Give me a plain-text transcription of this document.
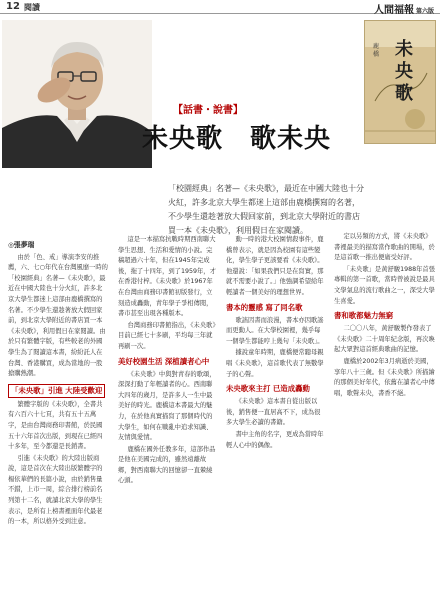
12 閱讀	人間福報 第六版
未央歌
鹿橋
【話書・說書】
未央歌　歌未央
「校園經典」名著—《未央歌》，最近在中國大陸也十分火紅，許多北京大學生都迷上這部由鹿橋撰寫的名著，不少學生還趁著放大假回家前，到北京大學附近的書店買一本《未央歌》，利用假日在家閱讀。
◎張夢瑞

由於「色、戒」導演李安的推薦，六、七○年代在台灣風靡一時的「校園經典」名著—《未央歌》，最近在中國大陸也十分火紅，許多北京大學生都迷上這部由鹿橋撰寫的名著。不少學生還趁著放大假回家前，到北京大學附近的書店買一本《未央歌》，利用假日在家閱讀。由於只有繁體字版，有些較老的外國學生為了閱讀這本書，紛紛託人在台灣、香港購買，成為當地的一股搶購熱潮。

「未央歌」引進 大陸受歡迎

繁體字版的《未央歌》，全書共有六百六十七頁，共有五十五萬字，是由台灣商務印書館，於民國五十六年首次出版，到現在已經四十多年，至今都還是長銷書。

引進《未央歌》的大陸出版商說，這是首次在大陸出版繁體字的楊依華們的長篇小說，由於銷售量不錯，上市一周，綜合排行榜前名列第十二名，就讀北京大學的學生表示，是所有上榜書裡面年代最老的一本，所以格外受到注意。

這是一本描寫抗戰時期西南聯大學生思想、生活和愛情的小說。完稿超過六十年，但在1945年完成後，拖了十四年，到了1959年，才在香港付梓。《未央歌》於1967年在台灣由商務印書館初版發行，立刻造成轟動，青年學子爭相傳閱，書市甚至出現各種版本。

台灣商務印書館指出，《未央歌》目前已經七十多刷，平均每三年就再刷一次。

美好校園生活 深植讀者心中

《未央歌》中與對青春的歌頌，深深打動了年輕讀者的心。西南聯大四年的歲月，是許多人一生中最美好的時光。鹿橋這本書最大的魅力，在於他真實描寫了那個時代的大學生，如何在戰亂中追求知識、友情與愛情。

鹿橋在國外任教多年，這部作品是他在美國完成的，雖然遠離故鄉，對西南聯大的回憶卻一直縈繞心頭。

動一時的港大校園情殺事件，鹿橋曾表示，就是因為校園有這些變化，學生學子更該要看《未央歌》。他還說：「如果我們只是在寫實，那就不需要小說了。」他強調希望給年輕讀者一個美好的理想世界。

書本的靈感 寫了同名歌

歌謠因書而浪漫，書本亦因歌謠而更動人。在大學校園裡，幾乎每一個學生都能哼上幾句「未央歌」。

據說童年時期，鹿橋便常聽母親唱《未央歌》，這首歌代表了無數學子的心聲。

未央歌來主打 已造成轟動

《未央歌》這本書自從出版以後，銷售便一直居高不下，成為很多大學生必讀的書籍。

書中主角的名字，更成為當時年輕人心中的偶像。

定以另類的方式，將《未央歌》書裡最美的描寫當作歌曲的開場，於是這首歌一推出便廣受好評。

「未央歌」是黃舒駿1988年首張專輯的第一首歌，當時曾被說是最具文學氣息的流行歌曲之一，深受大學生喜愛。

書和歌都魅力無窮

二〇〇八年，黃舒駿製作發表了《未央歌》二十周年紀念版，再次喚起大眾對這首經典歌曲的記憶。

鹿橋於2002年3月病逝於美國，享年八十三歲。但《未央歌》所描繪的那個美好年代，依舊在讀者心中傳唱，歌聲未央，書香不絕。
